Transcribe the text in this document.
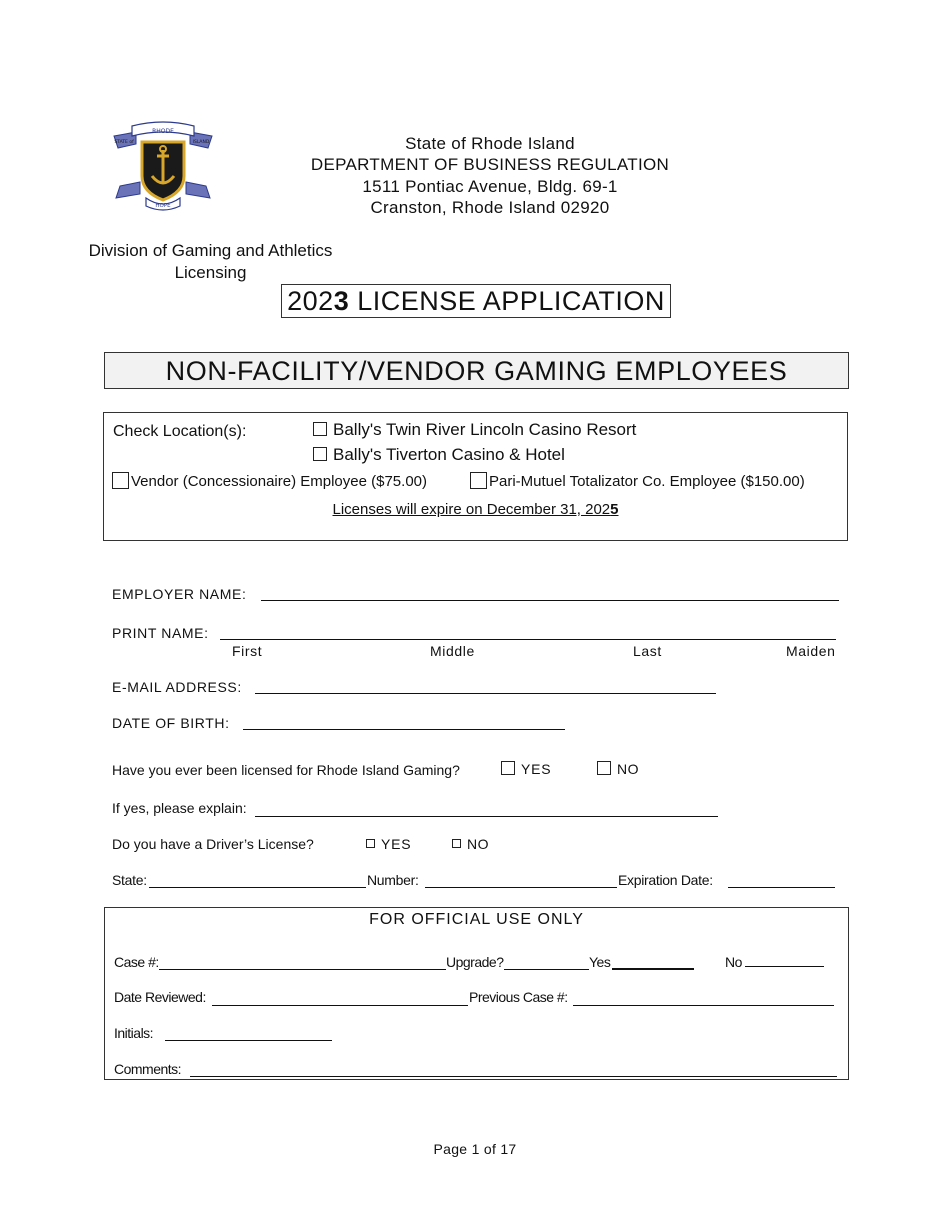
RHODE
STATE of	ISLAND
HOPE
State of Rhode Island
DEPARTMENT OF BUSINESS REGULATION
1511 Pontiac Avenue, Bldg. 69-1
Cranston, Rhode Island 02920
Division of Gaming and Athletics
Licensing
2023 LICENSE APPLICATION
NON-FACILITY/VENDOR GAMING EMPLOYEES
Check Location(s):	Bally's Twin River Lincoln Casino Resort
Bally's Tiverton Casino & Hotel
Vendor (Concessionaire) Employee ($75.00)	Pari-Mutuel Totalizator Co. Employee ($150.00)
Licenses will expire on December 31, 2025
EMPLOYER NAME:
PRINT NAME:
First	Middle	Last	Maiden
E-MAIL ADDRESS:
DATE OF BIRTH:
Have you ever been licensed for Rhode Island Gaming?	YES	NO
If yes, please explain:
Do you have a Driver’s License?	YES	NO
State:	Number:	Expiration Date:
FOR OFFICIAL USE ONLY
Case #:	Upgrade?	Yes	No
Date Reviewed:	Previous Case #:
Initials:
Comments:
Page 1 of 17
